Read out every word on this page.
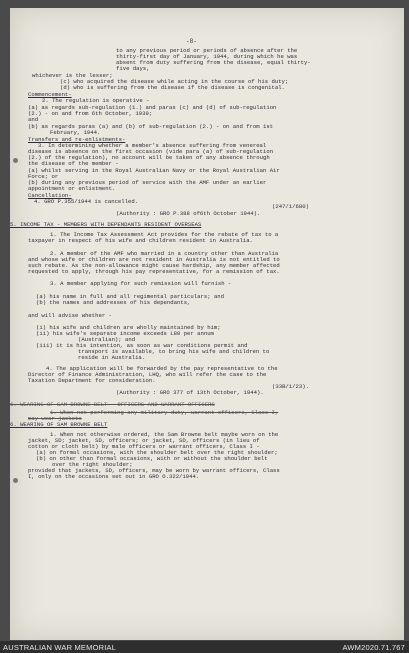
-8-
to any previous period or periods of absence after the
thirty-first day of January, 1944, during which he was
absent from duty suffering from the disease, equal thirty-
five days,
whichever is the lesser;
(c) who acquired the disease while acting in the course of his duty;
(d) who is suffering from the disease if the disease is congenital.
Commencement-
2. The regulation is operative -
(a) as regards sub-regulation (1.) and paras (c) and (d) of sub-regulation
(2.) - on and from 6th October, 1939;
and
(b) as regards paras (a) and (b) of sub-regulation (2.) - on and from 1st
February, 1944.
Transfers and re-enlistments-
3. In determining whether a member's absence suffering from venereal
disease is absence on the first occasion (vide para (a) of sub-regulation
(2.) of the regulation), no account will be taken of any absence through
the disease of the member -
(a) whilst serving in the Royal Australian Navy or the Royal Australian Air
Force; or
(b) during any previous period of service with the AMF under an earlier
appointment or enlistment.
Cancellation-
4. GRO P.355/1944 is cancelled.
(247/1/680)
(Authority : GRO P.388 of6th October 1944).
5. INCOME TAX - MEMBERS WITH DEPENDANTS RESIDENT OVERSEAS
1. The Income Tax Assessment Act provides for the rebate of tax to a
taxpayer in respect of his wife and children resident in Australia.
2. A member of the AMF who married in a country other than Australia
and whose wife or children are not resident in Australia is not entitled to
such rebate. As the non-allowance might cause hardship, any member affected
requested to apply, through his pay representative, for a remission of tax.
3. A member applying for such remission will furnish -
(a) his name in full and all regimental particulars; and
(b) the names and addresses of his dependants,
and will advise whether -
(i) his wife and children are wholly maintained by him;
(ii) his wife's separate income exceeds L80 per annum
(Australian); and
(iii) it is his intention, as soon as war conditions permit and
transport is available, to bring his wife and children to
reside in Australia.
4. The application will be forwarded by the pay representative to the
Director of Finance Administration, LHQ, who will refer the case to the
Taxation Department for consideration.
(33B/1/23).
(Authority : GRO 377 of 13th October, 1944).
6. WEARING OF SAM BROWNE BELT - OFFICERS AND WARRANT OFFICERS
1. When not performing any military duty, warrant officers, Class I,
may wear jackets
6. WEARING OF SAM BROWNE BELT
1. When not otherwise ordered, the Sam Browne belt maybe worn on the
jacket, SD; jacket, SD, officers; or jacket, SD, officers (in lieu of
cotton or cloth belt) by male officers or warrant officers, Class I -
(a) on formal occasions, with the shoulder belt over the right shoulder;
(b) on other than formal occasions, with or without the shoulder belt
over the right shoulder;
provided that jackets, SD, officers, may be worn by warrant officers, Class
I, only on the occasions set out in GRO O.322/1944.
AUSTRALIAN WAR MEMORIAL	AWM2020.71.767
